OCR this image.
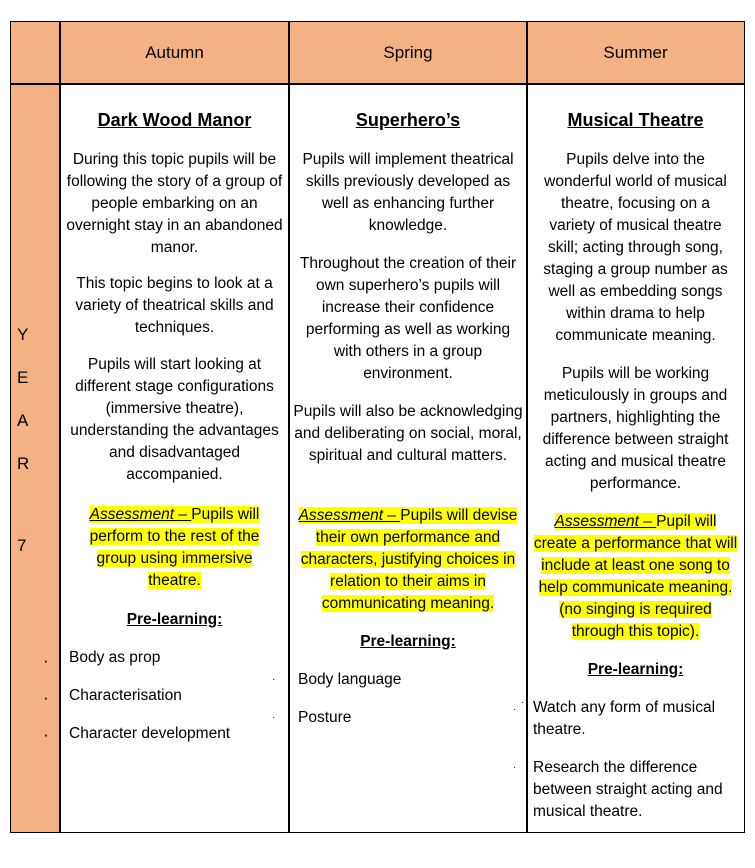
Autumn	Spring	Summer
Y
E
A
R
7
·
·
·
Dark Wood Manor
During this topic pupils will be following the story of a group of people embarking on an overnight stay in an abandoned manor.
This topic begins to look at a variety of theatrical skills and techniques.
Pupils will start looking at different stage configurations (immersive theatre), understanding the advantages and disadvantaged accompanied.
Assessment – Pupils will perform to the rest of the group using immersive theatre.
Pre-learning:
Body as prop
Characterisation
Character development
·
·
Superhero’s
Pupils will implement theatrical skills previously developed as well as enhancing further knowledge.
Throughout the creation of their own superhero’s pupils will increase their confidence performing as well as working with others in a group environment.
Pupils will also be acknowledging and deliberating on social, moral, spiritual and cultural matters.
Assessment – Pupils will devise their own performance and characters, justifying choices in relation to their aims in communicating meaning.
Pre-learning:
Body language
Posture
·
Musical Theatre
Pupils delve into the wonderful world of musical theatre, focusing on a variety of musical theatre skill; acting through song, staging a group number as well as embedding songs within drama to help communicate meaning.
Pupils will be working meticulously in groups and partners, highlighting the difference between straight acting and musical theatre performance.
Assessment – Pupil will create a performance that will include at least one song to help communicate meaning. (no singing is required through this topic).
Pre-learning:
Watch any form of musical theatre.
Research the difference between straight acting and musical theatre.
·
·
